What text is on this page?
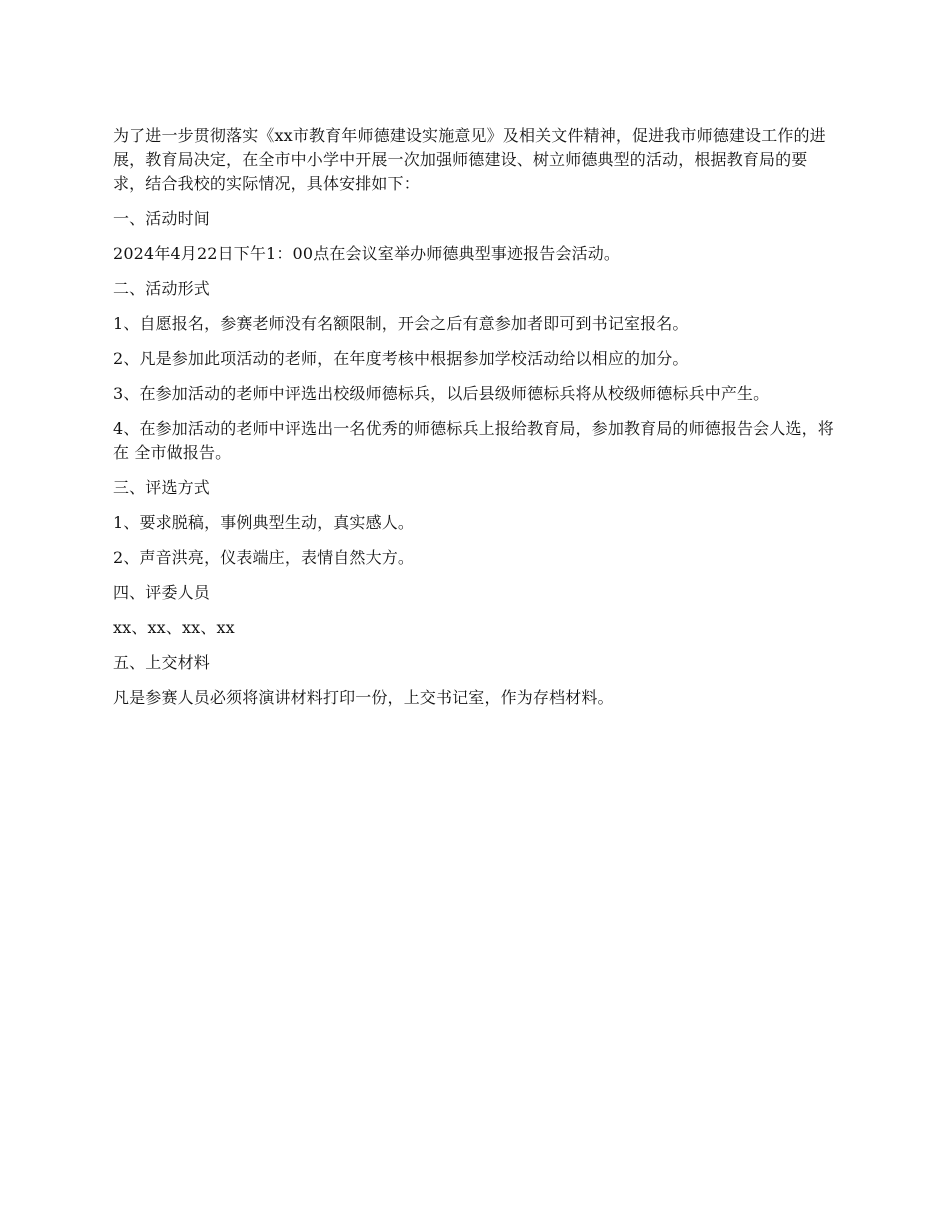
为了进一步贯彻落实《xx市教育年师德建设实施意见》及相关文件精神，促进我市师德建设工作的进展，教育局决定，在全市中小学中开展一次加强师德建设、树立师德典型的活动，根据教育局的要求，结合我校的实际情况，具体安排如下：

一、活动时间

2024年4月22日下午1：00点在会议室举办师德典型事迹报告会活动。

二、活动形式

1、自愿报名，参赛老师没有名额限制，开会之后有意参加者即可到书记室报名。

2、凡是参加此项活动的老师，在年度考核中根据参加学校活动给以相应的加分。

3、在参加活动的老师中评选出校级师德标兵，以后县级师德标兵将从校级师德标兵中产生。

4、在参加活动的老师中评选出一名优秀的师德标兵上报给教育局，参加教育局的师德报告会人选，将在 全市做报告。

三、评选方式

1、要求脱稿，事例典型生动，真实感人。

2、声音洪亮，仪表端庄，表情自然大方。

四、评委人员

xx、xx、xx、xx

五、上交材料

凡是参赛人员必须将演讲材料打印一份，上交书记室，作为存档材料。
